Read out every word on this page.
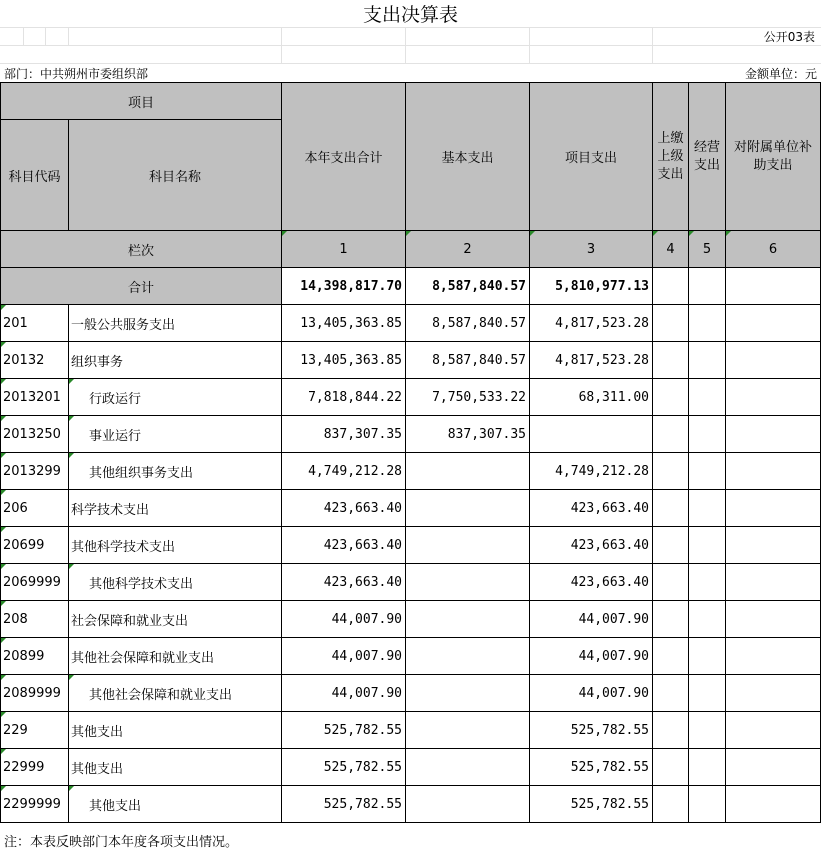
支出决算表
公开03表
部门：中共朔州市委组织部	金额单位：元
项目		本年支出合计	基本支出	项目支出	上缴上级支出	经营支出	对附属单位补助支出
科目代码	科目名称						
栏次		1	2	3	4	5	6
合计		14,398,817.70	8,587,840.57	5,810,977.13			
201	一般公共服务支出	13,405,363.85	8,587,840.57	4,817,523.28			
20132	组织事务	13,405,363.85	8,587,840.57	4,817,523.28			
2013201	行政运行	7,818,844.22	7,750,533.22	68,311.00			
2013250	事业运行	837,307.35	837,307.35				
2013299	其他组织事务支出	4,749,212.28		4,749,212.28			
206	科学技术支出	423,663.40		423,663.40			
20699	其他科学技术支出	423,663.40		423,663.40			
2069999	其他科学技术支出	423,663.40		423,663.40			
208	社会保障和就业支出	44,007.90		44,007.90			
20899	其他社会保障和就业支出	44,007.90		44,007.90			
2089999	其他社会保障和就业支出	44,007.90		44,007.90			
229	其他支出	525,782.55		525,782.55			
22999	其他支出	525,782.55		525,782.55			
2299999	其他支出	525,782.55		525,782.55			
注：本表反映部门本年度各项支出情况。
